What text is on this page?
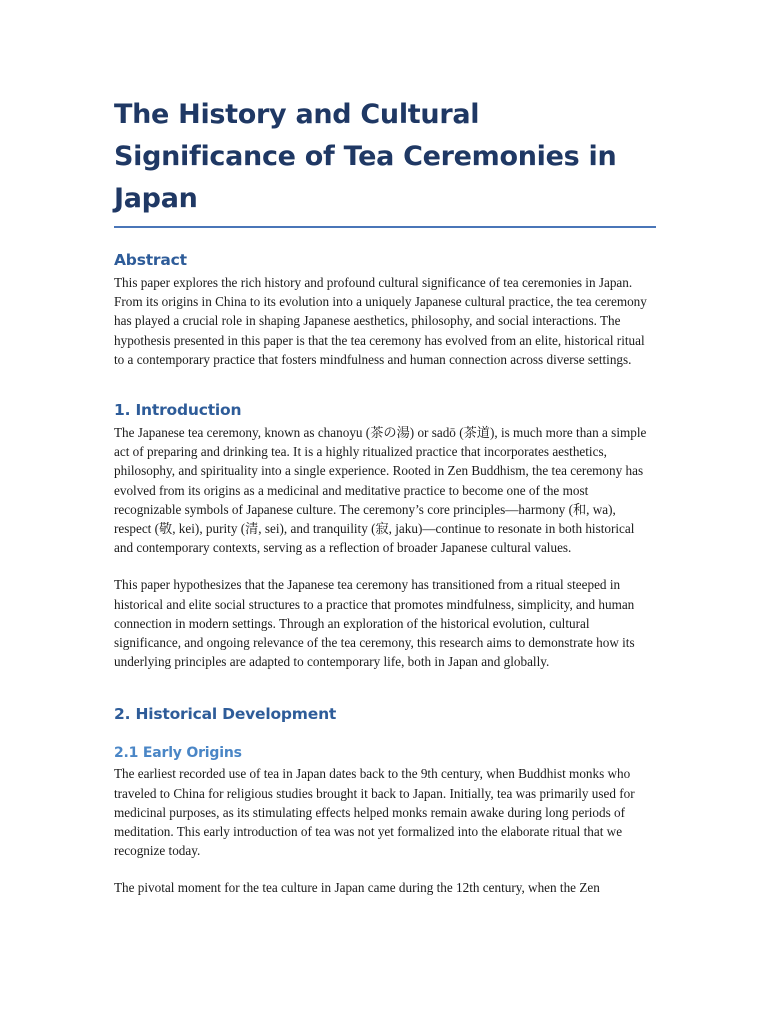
The History and Cultural Significance of Tea Ceremonies in Japan
Abstract

This paper explores the rich history and profound cultural significance of tea ceremonies in Japan. From its origins in China to its evolution into a uniquely Japanese cultural practice, the tea ceremony has played a crucial role in shaping Japanese aesthetics, philosophy, and social interactions. The hypothesis presented in this paper is that the tea ceremony has evolved from an elite, historical ritual to a contemporary practice that fosters mindfulness and human connection across diverse settings.

1. Introduction

The Japanese tea ceremony, known as chanoyu (茶の湯) or sadō (茶道), is much more than a simple act of preparing and drinking tea. It is a highly ritualized practice that incorporates aesthetics, philosophy, and spirituality into a single experience. Rooted in Zen Buddhism, the tea ceremony has evolved from its origins as a medicinal and meditative practice to become one of the most recognizable symbols of Japanese culture. The ceremony’s core principles—harmony (和, wa), respect (敬, kei), purity (清, sei), and tranquility (寂, jaku)—continue to resonate in both historical and contemporary contexts, serving as a reflection of broader Japanese cultural values.

This paper hypothesizes that the Japanese tea ceremony has transitioned from a ritual steeped in historical and elite social structures to a practice that promotes mindfulness, simplicity, and human connection in modern settings. Through an exploration of the historical evolution, cultural significance, and ongoing relevance of the tea ceremony, this research aims to demonstrate how its underlying principles are adapted to contemporary life, both in Japan and globally.

2. Historical Development
2.1 Early Origins

The earliest recorded use of tea in Japan dates back to the 9th century, when Buddhist monks who traveled to China for religious studies brought it back to Japan. Initially, tea was primarily used for medicinal purposes, as its stimulating effects helped monks remain awake during long periods of meditation. This early introduction of tea was not yet formalized into the elaborate ritual that we recognize today.

The pivotal moment for the tea culture in Japan came during the 12th century, when the Zen
